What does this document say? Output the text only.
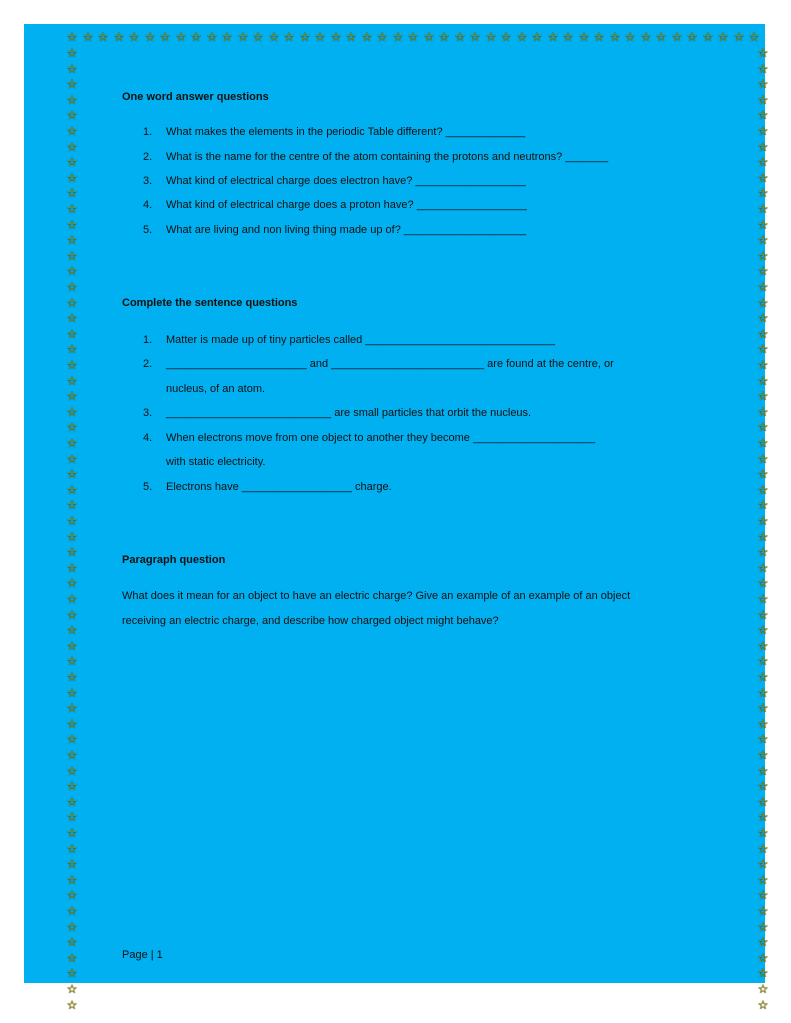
☆ ☆ ☆ ☆ ☆ ☆ ☆ ☆ ☆ ☆ ☆ ☆ ☆ ☆ ☆ ☆ ☆ ☆ ☆ ☆ ☆ ☆ ☆ ☆ ☆ ☆ ☆ ☆ ☆ ☆ ☆ ☆ ☆ ☆ ☆ ☆ ☆ ☆ ☆ ☆ ☆ ☆ ☆ ☆ ☆
☆	☆
☆	☆
☆	☆
☆	☆
☆	☆
☆	☆
☆	☆
☆	☆
☆	☆
☆	☆
☆	☆
☆	☆
☆	☆
☆	☆
☆	☆
☆	☆
☆	☆
☆	☆
☆	☆
☆	☆
☆	☆
☆	☆
☆	☆
☆	☆
☆	☆
☆	☆
☆	☆
☆	☆
☆	☆
☆	☆
☆	☆
☆	☆
☆	☆
☆	☆
☆	☆
☆	☆
☆	☆
☆	☆
☆	☆
☆	☆
☆	☆
☆	☆
☆	☆
☆	☆
☆	☆
☆	☆
☆	☆
☆	☆
☆	☆
☆	☆
☆	☆
☆	☆
☆	☆
☆	☆
☆	☆
☆	☆
☆	☆
☆	☆
☆	☆
☆	☆
☆	☆
☆	☆
One word answer questions
1. What makes the elements in the periodic Table different? _____________
2. What is the name for the centre of the atom containing the protons and neutrons? _______
3. What kind of electrical charge does electron have? __________________
4. What kind of electrical charge does a proton have? __________________
5. What are living and non living thing made up of? ____________________
Complete the sentence questions
1. Matter is made up of tiny particles called _______________________________
2. _______________________ and _________________________ are found at the centre, or
nucleus, of an atom.
3. ___________________________ are small particles that orbit the nucleus.
4. When electrons move from one object to another they become ____________________
with static electricity.
5. Electrons have __________________ charge.
Paragraph question
What does it mean for an object to have an electric charge? Give an example of an example of an object receiving an electric charge, and describe how charged object might behave?
Page | 1
